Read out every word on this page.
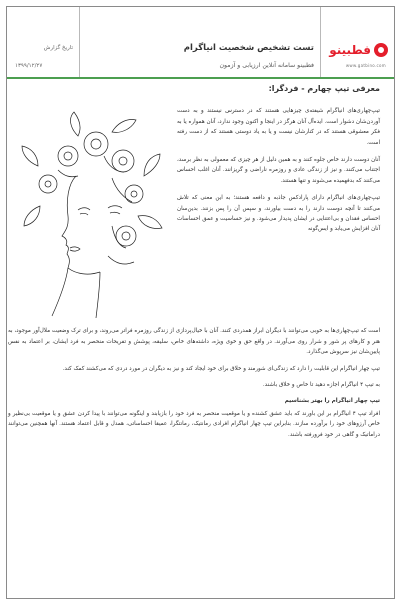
فطبینو
www.gatbino.com
تست تشخیص شخصیت انیاگرام
فطبینو سامانه آنلاین ارزیابی و آزمون
تاریخ گزارش
۱۳۹۹/۱۲/۲۷
معرفی تیپ چهارم - فردگرا:

تیپ‌چهاری‌های انیاگرام شیفته‌ی چیزهایی هستند که در دسترس نیستند و به دست آوردن‌شان دشوار است. ایده‌آل آنان هرگز در اینجا و اکنون وجود ندارد، آنان همواره یا به فکر معشوقی هستند که در کنارشان نیست و یا به یاد دوستی هستند که از دست رفته است.

آنان دوست دارند خاص جلوه کنند و به همین دلیل از هر چیزی که معمولی به نظر برسد، اجتناب می‌کنند. و نیز از زندگی عادی و روزمره ناراضی و گریزانند. آنان اغلب احساس می‌کنند که بدفهمیده می‌شوند و تنها هستند.

تیپ‌چهاری‌های انیاگرام دارای پارادکس جاذبه و دافعه هستند؛ به این معنی که تلاش می‌کنند تا آنچه دوست دارند را به دست بیاورند، و سپس آن را پس بزنند. بدین‌سان احساس فقدان و بی‌اعتنایی در ایشان پدیدار می‌شود. و نیز حساسیت و عمق احساسات آنان افزایش می‌یابد و ایس‌گونه

است که تیپ‌چهاری‌ها به خوبی می‌توانند با دیگران ابراز همدردی کنند. آنان با خیال‌پردازی از زندگی روزمره فراتر می‌روند، و برای ترک وضعیت ملال‌آور موجود، به هنر و کارهای پر شور و شرار روی می‌آورند. در واقع حق و خوی ویژه، داشته‌های خاص، سلیقه، پوشش و تفریحات منحصر به فرد ایشان، بر اعتماد به نفس پایین‌شان نیز سرپوش می‌گذارد.

تیپ چهار انیاگرام این قابلیت را دارد که زندگی‌ای شورمند و خلاق برای خود ایجاد کند و نیز به دیگران در مورد دردی که می‌کشند کمک کند.

به تیپ ۴ انیاگرام اجازه دهید تا خاص و خلاق باشند.

تیپ چهار انیاگرام را بهتر بشناسیم

افراد تیپ ۴ انیاگرام بر این باورند که باید عشق کشنده و یا موقعیت منحصر به فرد خود را بازیابند و اینگونه می‌توانند با پیدا کردن عشق و یا موقعیت بی‌نظیر و خاص آرزوهای خود را برآورده سازند. بنابراین تیپ چهار انیاگرام افرادی رمانتیک، رمانتگرا، عمیقا احساساتی، همدل و قابل اعتماد هستند. آنها همچنین می‌توانند دراماتیک و گاهی در خود فرورفته باشند.
